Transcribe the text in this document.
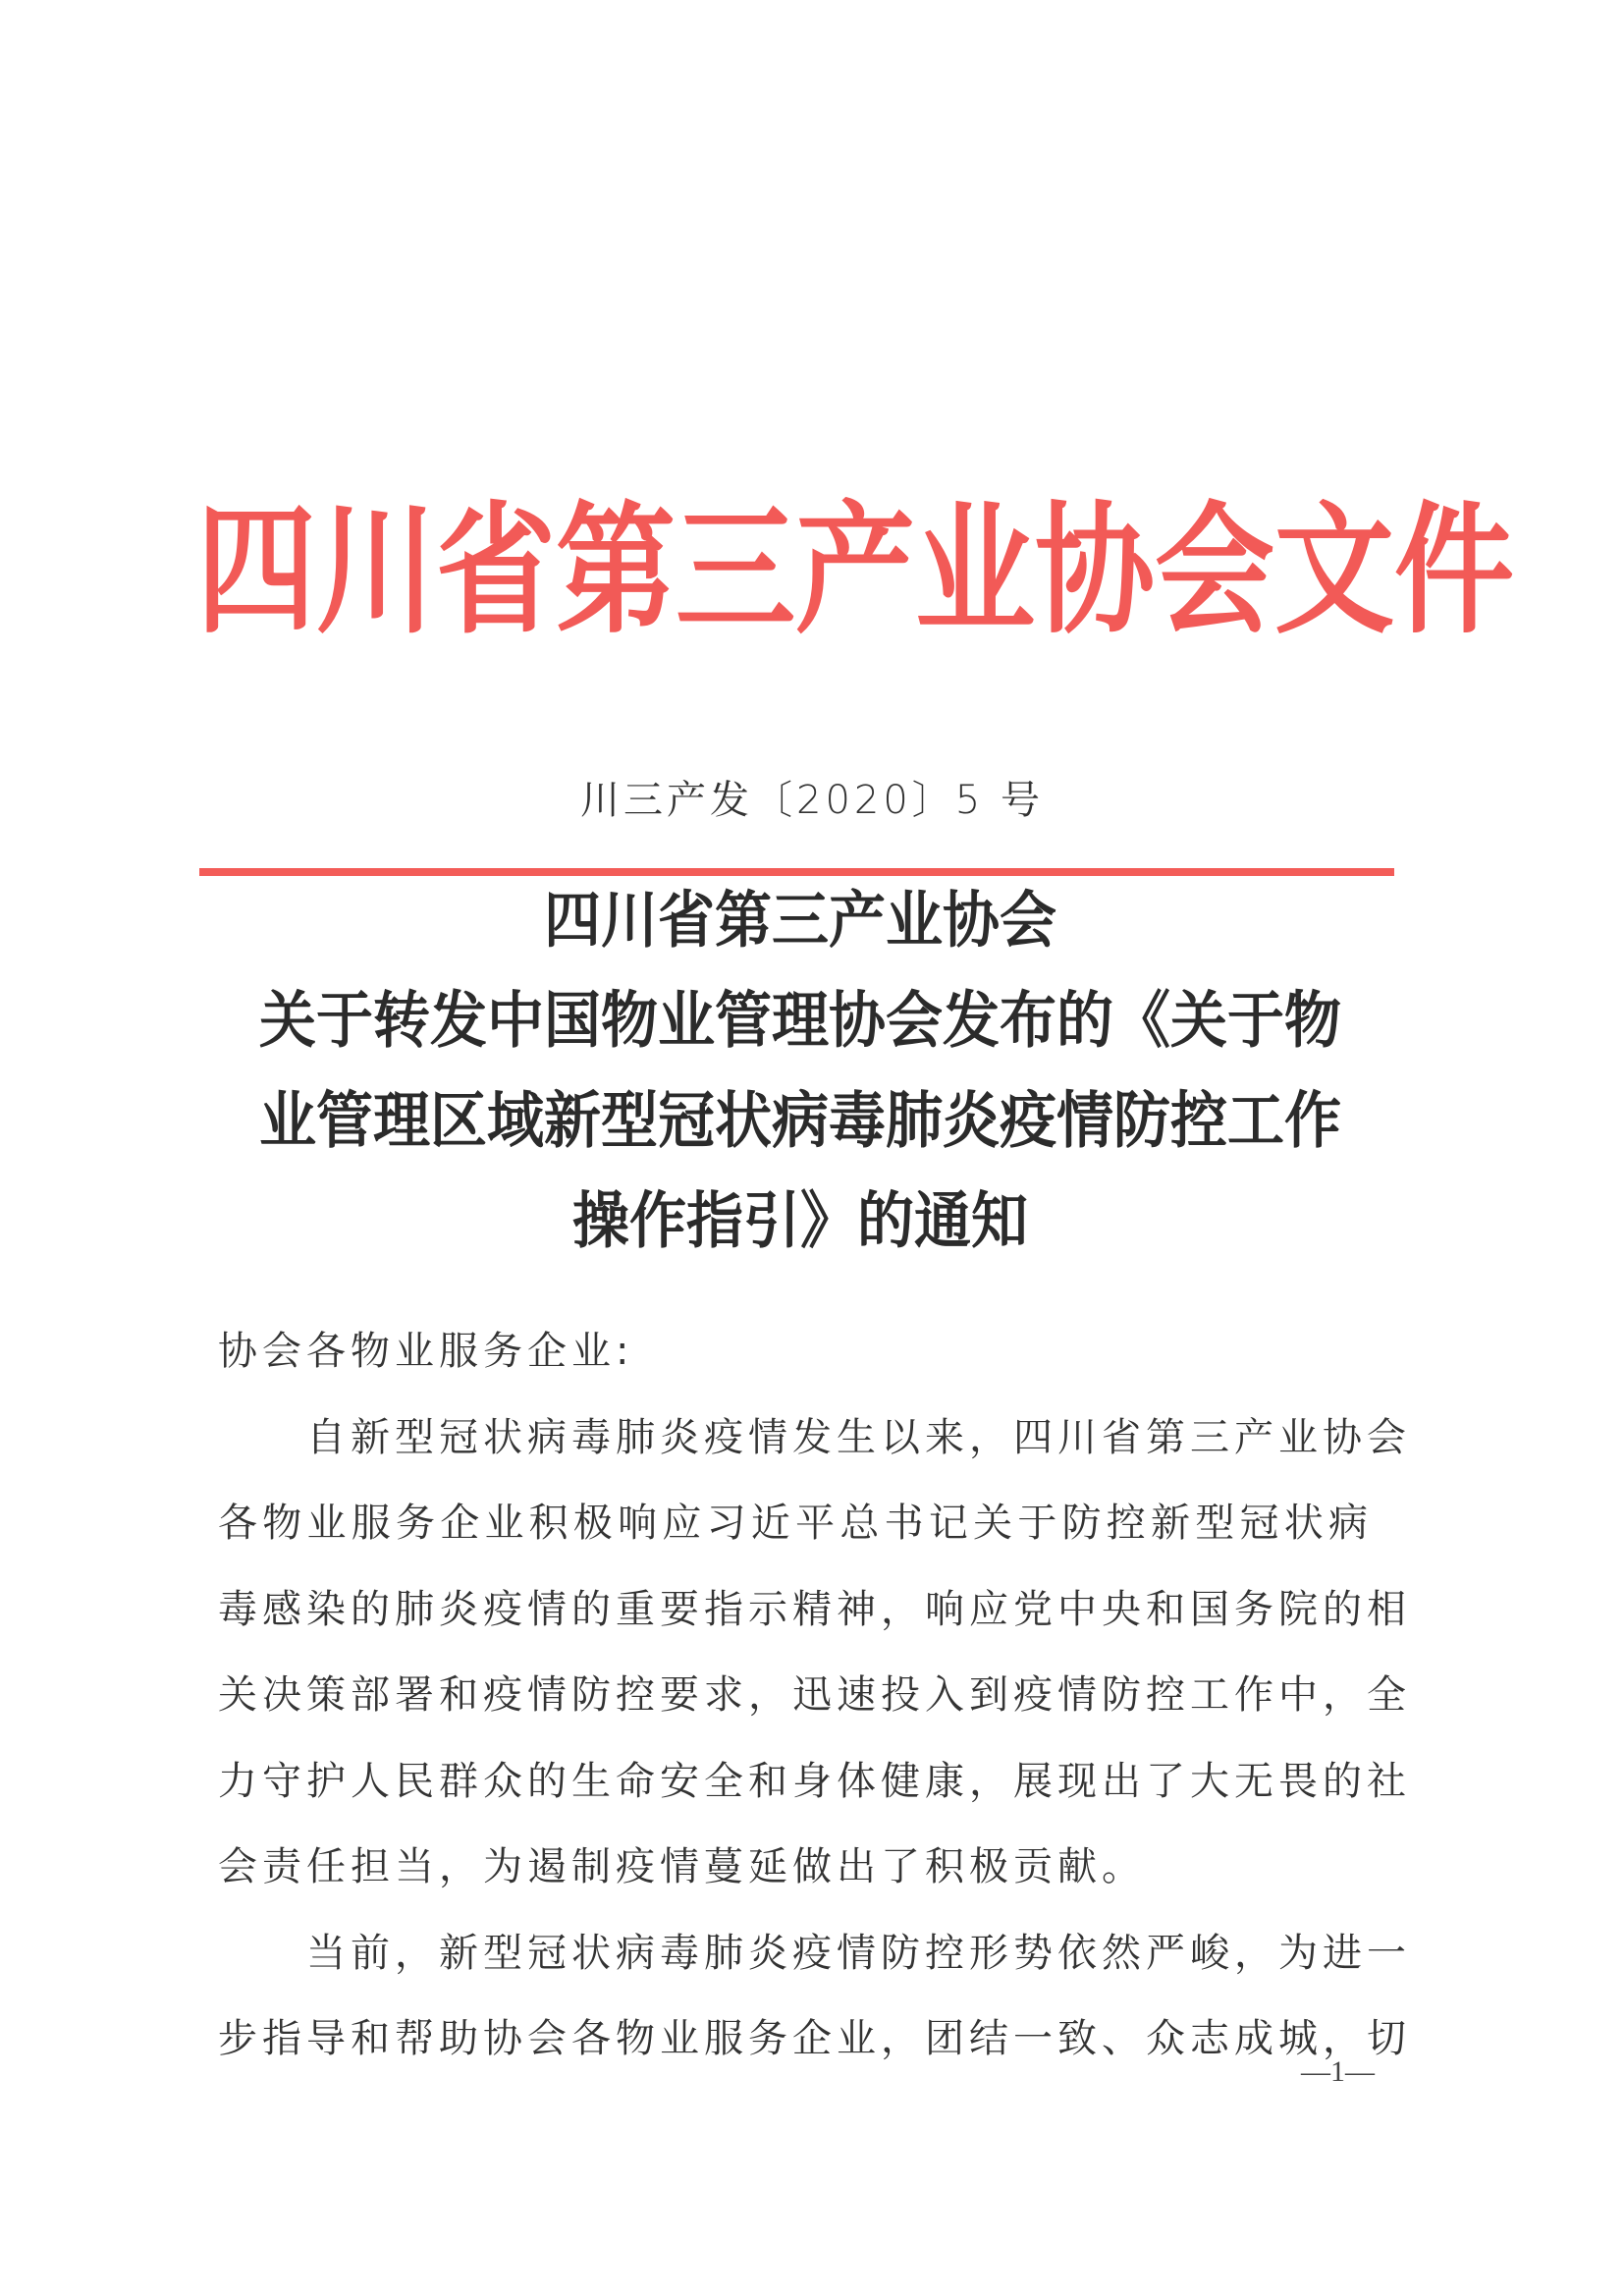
四 川 省 第 三 产 业 协 会 文 件
川三产发〔2020〕5 号
四川省第三产业协会
关于转发中国物业管理协会发布的《关于物
业管理区域新型冠状病毒肺炎疫情防控工作
操作指引》的通知
协会各物业服务企业:
自新型冠状病毒肺炎疫情发生以来，四川省第三产业协会
各物业服务企业积极响应习近平总书记关于防控新型冠状病
毒感染的肺炎疫情的重要指示精神，响应党中央和国务院的相
关决策部署和疫情防控要求，迅速投入到疫情防控工作中，全
力守护人民群众的生命安全和身体健康，展现出了大无畏的社
会责任担当，为遏制疫情蔓延做出了积极贡献。
当前，新型冠状病毒肺炎疫情防控形势依然严峻，为进一
步指导和帮助协会各物业服务企业，团结一致、众志成城，切
—1—
